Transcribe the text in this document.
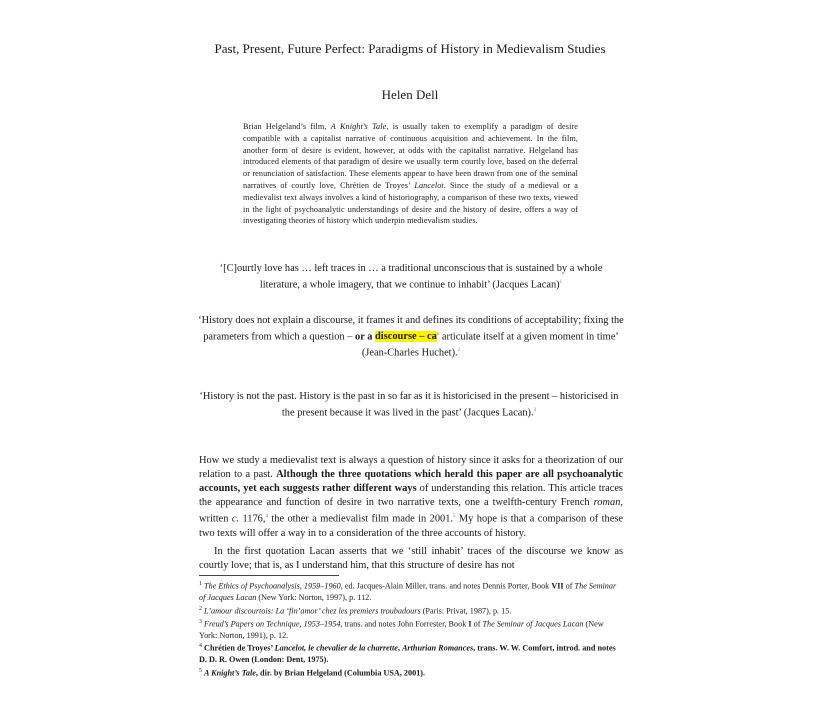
Past, Present, Future Perfect: Paradigms of History in Medievalism Studies
Helen Dell
Brian Helgeland’s film, A Knight’s Tale, is usually taken to exemplify a paradigm of desire compatible with a capitalist narrative of continuous acquisition and achievement. In the film, another form of desire is evident, however, at odds with the capitalist narrative. Helgeland has introduced elements of that paradigm of desire we usually term courtly love, based on the deferral or renunciation of satisfaction. These elements appear to have been drawn from one of the seminal narratives of courtly love, Chrétien de Troyes’ Lancelot. Since the study of a medieval or a medievalist text always involves a kind of historiography, a comparison of these two texts, viewed in the light of psychoanalytic understandings of desire and the history of desire, offers a way of investigating theories of history which underpin medievalism studies.
‘[C]ourtly love has … left traces in … a traditional unconscious that is sustained by a whole literature, a whole imagery, that we continue to inhabit’ (Jacques Lacan)$^1$
‘History does not explain a discourse, it frames it and defines its conditions of acceptability; fixing the parameters from which a question – or a discourse – ca$^n$ articulate itself at a given moment in time’ (Jean-Charles Huchet).$^2$
‘History is not the past. History is the past in so far as it is historicised in the present – historicised in the present because it was lived in the past’ (Jacques Lacan).$^3$
How we study a medievalist text is always a question of history since it asks for a theorization of our relation to a past. Although the three quotations which herald this paper are all psychoanalytic accounts, yet each suggests rather different ways of understanding this relation. This article traces the appearance and function of desire in two narrative texts, one a twelfth-century French roman, written c. 1176,$^4$ the other a medievalist film made in 2001.$^5$ My hope is that a comparison of these two texts will offer a way in to a consideration of the three accounts of history.
In the first quotation Lacan asserts that we ‘still inhabit’ traces of the discourse we know as courtly love; that is, as I understand him, that this structure of desire has not

$^1$ The Ethics of Psychoanalysis, 1959–1960, ed. Jacques-Alain Miller, trans. and notes Dennis Porter, Book VII of The Seminar of Jacques Lacan (New York: Norton, 1997), p. 112.

$^2$ L’amour discourtois: La ‘fin’amor’ chez les premiers troubadours (Paris: Privat, 1987), p. 15.

$^3$ Freud’s Papers on Technique, 1953–1954, trans. and notes John Forrester, Book I of The Seminar of Jacques Lacan (New York: Norton, 1991), p. 12.

$^4$ Chrétien de Troyes’ Lancelot, le chevalier de la charrette, Arthurian Romances, trans. W. W. Comfort, introd. and notes D. D. R. Owen (London: Dent, 1975).

$^5$ A Knight’s Tale, dir. by Brian Helgeland (Columbia USA, 2001).
